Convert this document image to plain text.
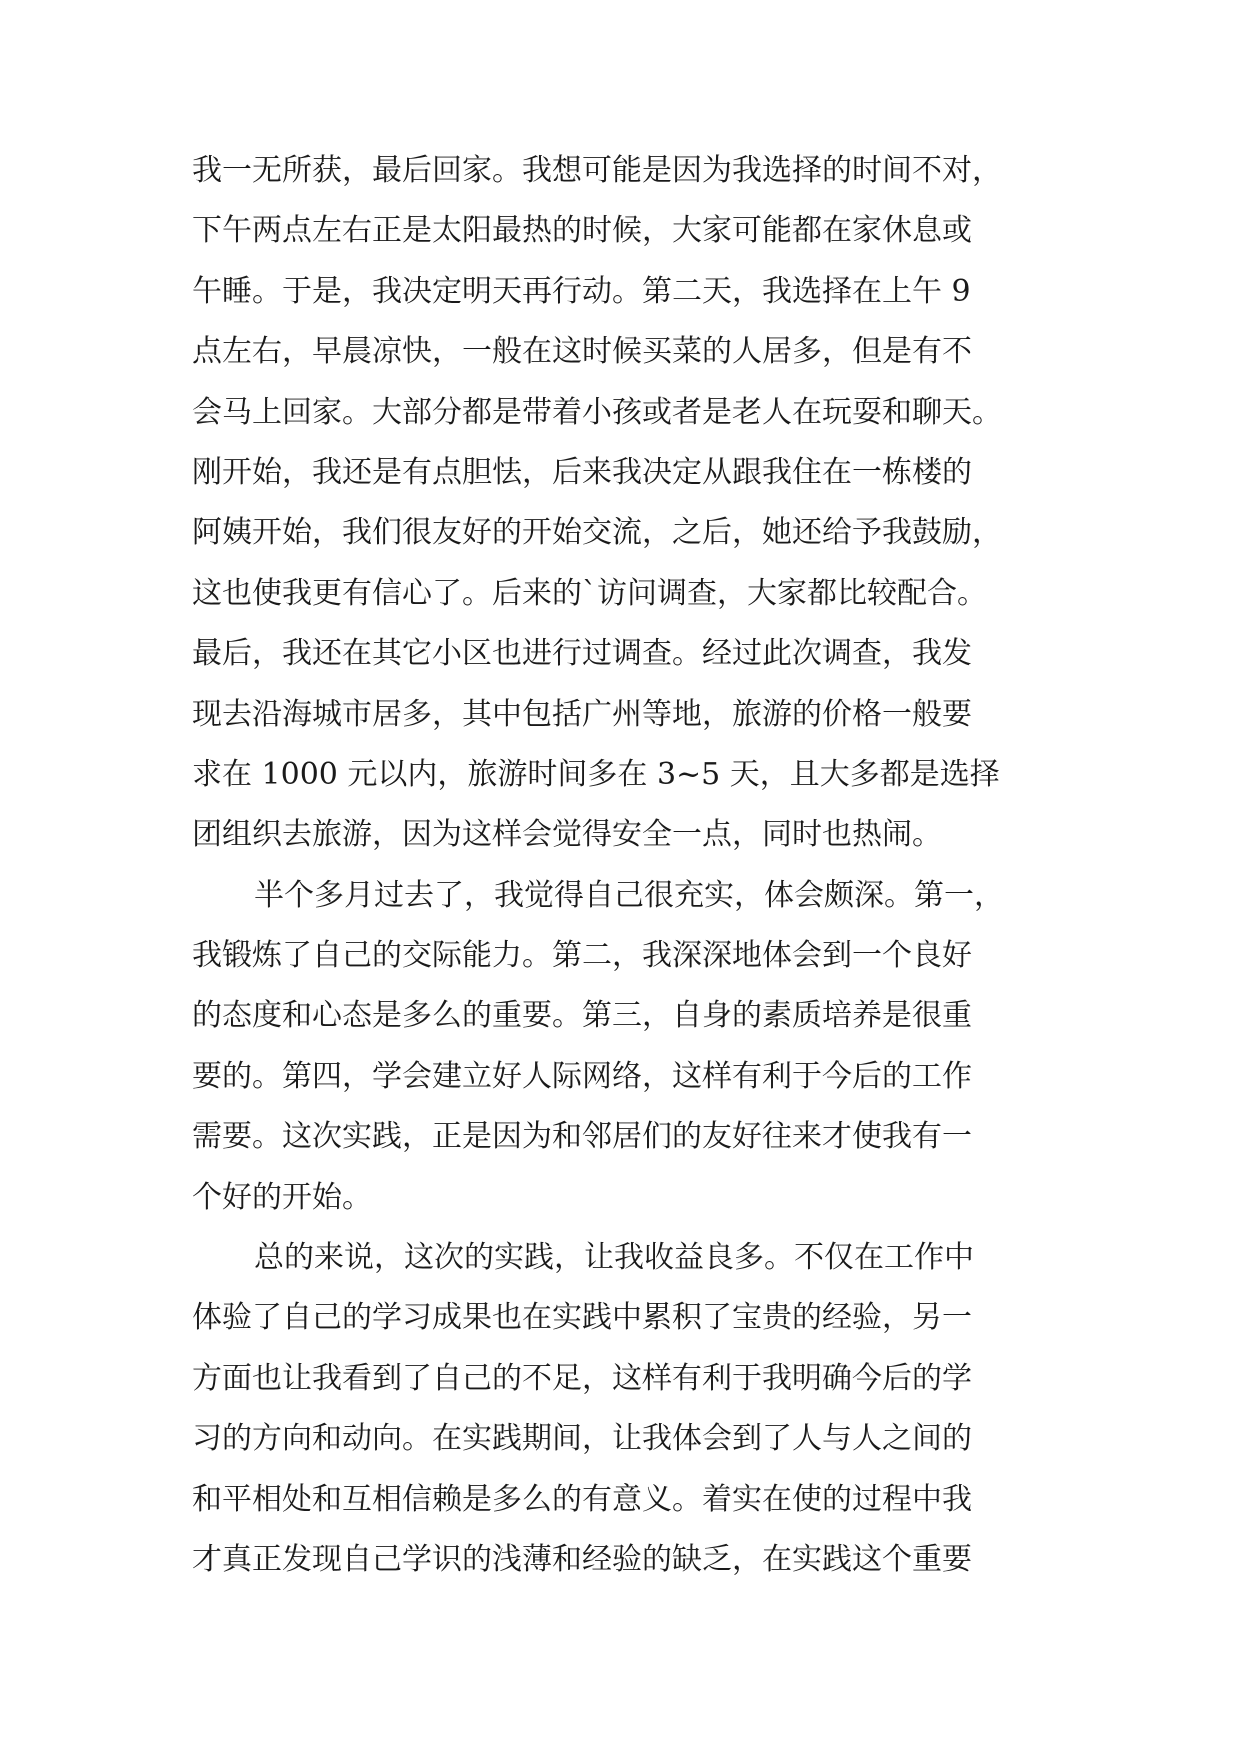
我一无所获，最后回家。我想可能是因为我选择的时间不对，
下午两点左右正是太阳最热的时候，大家可能都在家休息或
午睡。于是，我决定明天再行动。第二天，我选择在上午 9
点左右，早晨凉快，一般在这时候买菜的人居多，但是有不
会马上回家。大部分都是带着小孩或者是老人在玩耍和聊天。
刚开始，我还是有点胆怯，后来我决定从跟我住在一栋楼的
阿姨开始，我们很友好的开始交流，之后，她还给予我鼓励，
这也使我更有信心了。后来的`访问调查，大家都比较配合。
最后，我还在其它小区也进行过调查。经过此次调查，我发
现去沿海城市居多，其中包括广州等地，旅游的价格一般要
求在 1000 元以内，旅游时间多在 3~5 天，且大多都是选择
团组织去旅游，因为这样会觉得安全一点，同时也热闹。
半个多月过去了，我觉得自己很充实，体会颇深。第一，
我锻炼了自己的交际能力。第二，我深深地体会到一个良好
的态度和心态是多么的重要。第三，自身的素质培养是很重
要的。第四，学会建立好人际网络，这样有利于今后的工作
需要。这次实践，正是因为和邻居们的友好往来才使我有一
个好的开始。
总的来说，这次的实践，让我收益良多。不仅在工作中
体验了自己的学习成果也在实践中累积了宝贵的经验，另一
方面也让我看到了自己的不足，这样有利于我明确今后的学
习的方向和动向。在实践期间，让我体会到了人与人之间的
和平相处和互相信赖是多么的有意义。着实在使的过程中我
才真正发现自己学识的浅薄和经验的缺乏，在实践这个重要
